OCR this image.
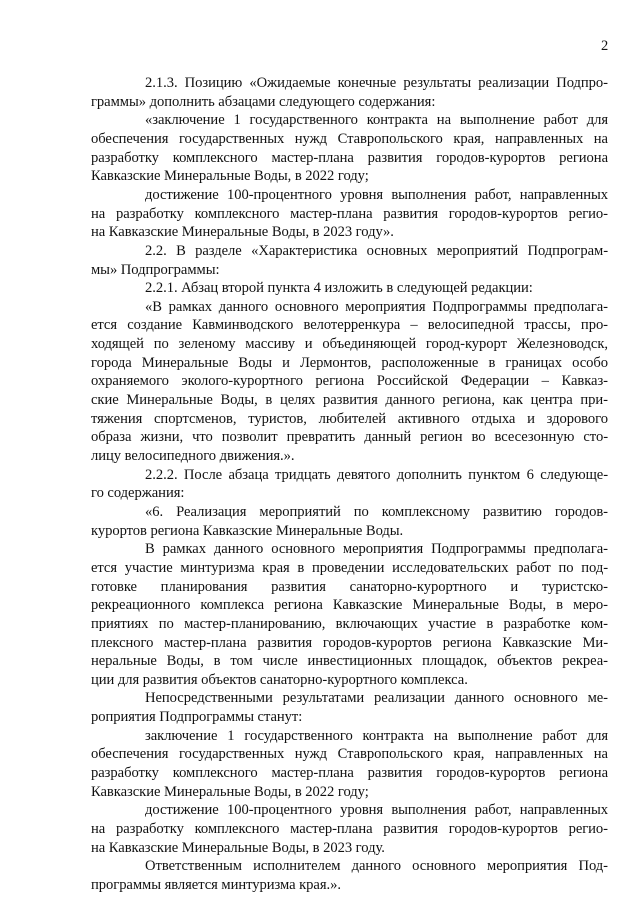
2
2.1.3. Позицию «Ожидаемые конечные результаты реализации Подпро-
граммы» дополнить абзацами следующего содержания:
«заключение 1 государственного контракта на выполнение работ для
обеспечения государственных нужд Ставропольского края, направленных на
разработку комплексного мастер-плана развития городов-курортов региона
Кавказские Минеральные Воды, в 2022 году;
достижение 100-процентного уровня выполнения работ, направленных
на разработку комплексного мастер-плана развития городов-курортов регио-
на Кавказские Минеральные Воды, в 2023 году».
2.2. В разделе «Характеристика основных мероприятий Подпрограм-
мы» Подпрограммы:
2.2.1. Абзац второй пункта 4 изложить в следующей редакции:
«В рамках данного основного мероприятия Подпрограммы предполага-
ется создание Кавминводского велотерренкура – велосипедной трассы, про-
ходящей по зеленому массиву и объединяющей город-курорт Железноводск,
города Минеральные Воды и Лермонтов, расположенные в границах особо
охраняемого эколого-курортного региона Российской Федерации – Кавказ-
ские Минеральные Воды, в целях развития данного региона, как центра при-
тяжения спортсменов, туристов, любителей активного отдыха и здорового
образа жизни, что позволит превратить данный регион во всесезонную сто-
лицу велосипедного движения.».
2.2.2. После абзаца тридцать девятого дополнить пунктом 6 следующе-
го содержания:
«6. Реализация мероприятий по комплексному развитию городов-
курортов региона Кавказские Минеральные Воды.
В рамках данного основного мероприятия Подпрограммы предполага-
ется участие минтуризма края в проведении исследовательских работ по под-
готовке планирования развития санаторно-курортного и туристско-
рекреационного комплекса региона Кавказские Минеральные Воды, в меро-
приятиях по мастер-планированию, включающих участие в разработке ком-
плексного мастер-плана развития городов-курортов региона Кавказские Ми-
неральные Воды, в том числе инвестиционных площадок, объектов рекреа-
ции для развития объектов санаторно-курортного комплекса.
Непосредственными результатами реализации данного основного ме-
роприятия Подпрограммы станут:
заключение 1 государственного контракта на выполнение работ для
обеспечения государственных нужд Ставропольского края, направленных на
разработку комплексного мастер-плана развития городов-курортов региона
Кавказские Минеральные Воды, в 2022 году;
достижение 100-процентного уровня выполнения работ, направленных
на разработку комплексного мастер-плана развития городов-курортов регио-
на Кавказские Минеральные Воды, в 2023 году.
Ответственным исполнителем данного основного мероприятия Под-
программы является минтуризма края.».
